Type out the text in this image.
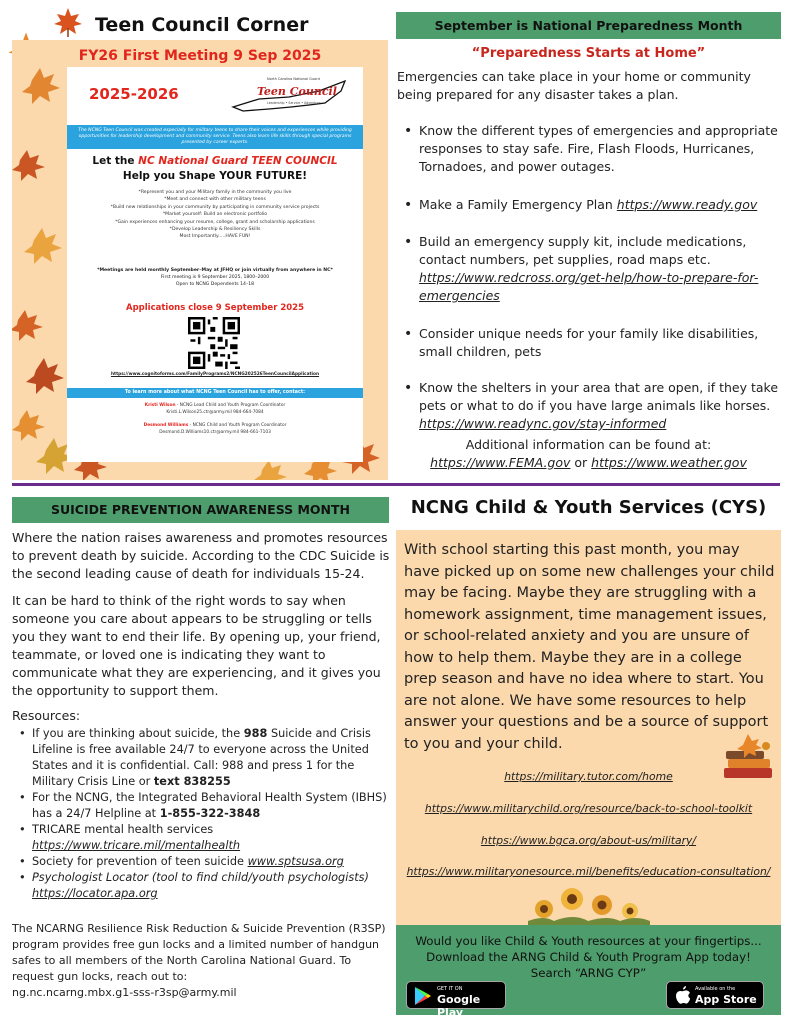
Teen Council Corner
FY26 First Meeting 9 Sep 2025
2025-2026
North Carolina National Guard
Teen Council
Leadership • Service • Adventure
The NCNG Teen Council was created especially for military teens to share their voices and experiences while providing opportunities for leadership development and community service. Teens also learn life skills through special programs presented by career experts.
Let the NC National Guard TEEN COUNCIL
Help you Shape YOUR FUTURE!
*Represent you and your Military family in the community you live
*Meet and connect with other military teens
*Build new relationships in your community by participating in community service projects
*Market yourself: Build an electronic portfolio
*Gain experiences enhancing your resume, college, grant and scholarship applications
*Develop Leadership & Resiliency Skills
Most Importantly.....HAVE FUN!
*Meetings are held monthly September–May at JFHQ or join virtually from anywhere in NC*
First meeting is 9 September 2025, 1800–2000
Open to NCNG Dependents 14–18
Applications close 9 September 2025
https://www.cognitoforms.com/FamilyPrograms2/NCNG202526TeenCouncilApplication
To learn more about what NCNG Teen Council has to offer, contact:
Kristi Wilson - NCNG Lead Child and Youth Program Coordinator
Kristi.L.Wilson25.ctr@army.mil 984-664-7084
Desmond Williams - NCNG Child and Youth Program Coordinator
Desmond.D.Williams10.ctr@army.mil 984-661-7103
September is National Preparedness Month
“Preparedness Starts at Home”
Emergencies can take place in your home or community being prepared for any disaster takes a plan.
• Know the different types of emergencies and appropriate responses to stay safe. Fire, Flash Floods, Hurricanes, Tornadoes, and power outages.
• Make a Family Emergency Plan https://www.ready.gov
• Build an emergency supply kit, include medications, contact numbers, pet supplies, road maps etc. https://www.redcross.org/get-help/how-to-prepare-for-emergencies
• Consider unique needs for your family like disabilities, small children, pets
• Know the shelters in your area that are open, if they take pets or what to do if you have large animals like horses. https://www.readync.gov/stay-informed
Additional information can be found at:
https://www.FEMA.gov or https://www.weather.gov
SUICIDE PREVENTION AWARENESS MONTH
Where the nation raises awareness and promotes resources to prevent death by suicide. According to the CDC Suicide is the second leading cause of death for individuals 15-24.
It can be hard to think of the right words to say when someone you care about appears to be struggling or tells you they want to end their life. By opening up, your friend, teammate, or loved one is indicating they want to communicate what they are experiencing, and it gives you the opportunity to support them.
Resources:
• If you are thinking about suicide, the 988 Suicide and Crisis Lifeline is free available 24/7 to everyone across the United States and it is confidential. Call: 988 and press 1 for the Military Crisis Line or text 838255
• For the NCNG, the Integrated Behavioral Health System (IBHS) has a 24/7 Helpline at 1-855-322-3848
• TRICARE mental health services
https://www.tricare.mil/mentalhealth
• Society for prevention of teen suicide www.sptsusa.org
• Psychologist Locator (tool to find child/youth psychologists)
https://locator.apa.org
The NCARNG Resilience Risk Reduction & Suicide Prevention (R3SP) program provides free gun locks and a limited number of handgun safes to all members of the North Carolina National Guard. To request gun locks, reach out to:
ng.nc.ncarng.mbx.g1-sss-r3sp@army.mil
NCNG Child & Youth Services (CYS)
With school starting this past month, you may have picked up on some new challenges your child may be facing. Maybe they are struggling with a homework assignment, time management issues, or school-related anxiety and you are unsure of how to help them. Maybe they are in a college prep season and have no idea where to start. You are not alone. We have some resources to help answer your questions and be a source of support to you and your child.
https://military.tutor.com/home
https://www.militarychild.org/resource/back-to-school-toolkit
https://www.bgca.org/about-us/military/
https://www.militaryonesource.mil/benefits/education-consultation/
Would you like Child & Youth resources at your fingertips...
Download the ARNG Child & Youth Program App today!
Search “ARNG CYP”
GET IT ON
Google Play
Available on the
App Store
